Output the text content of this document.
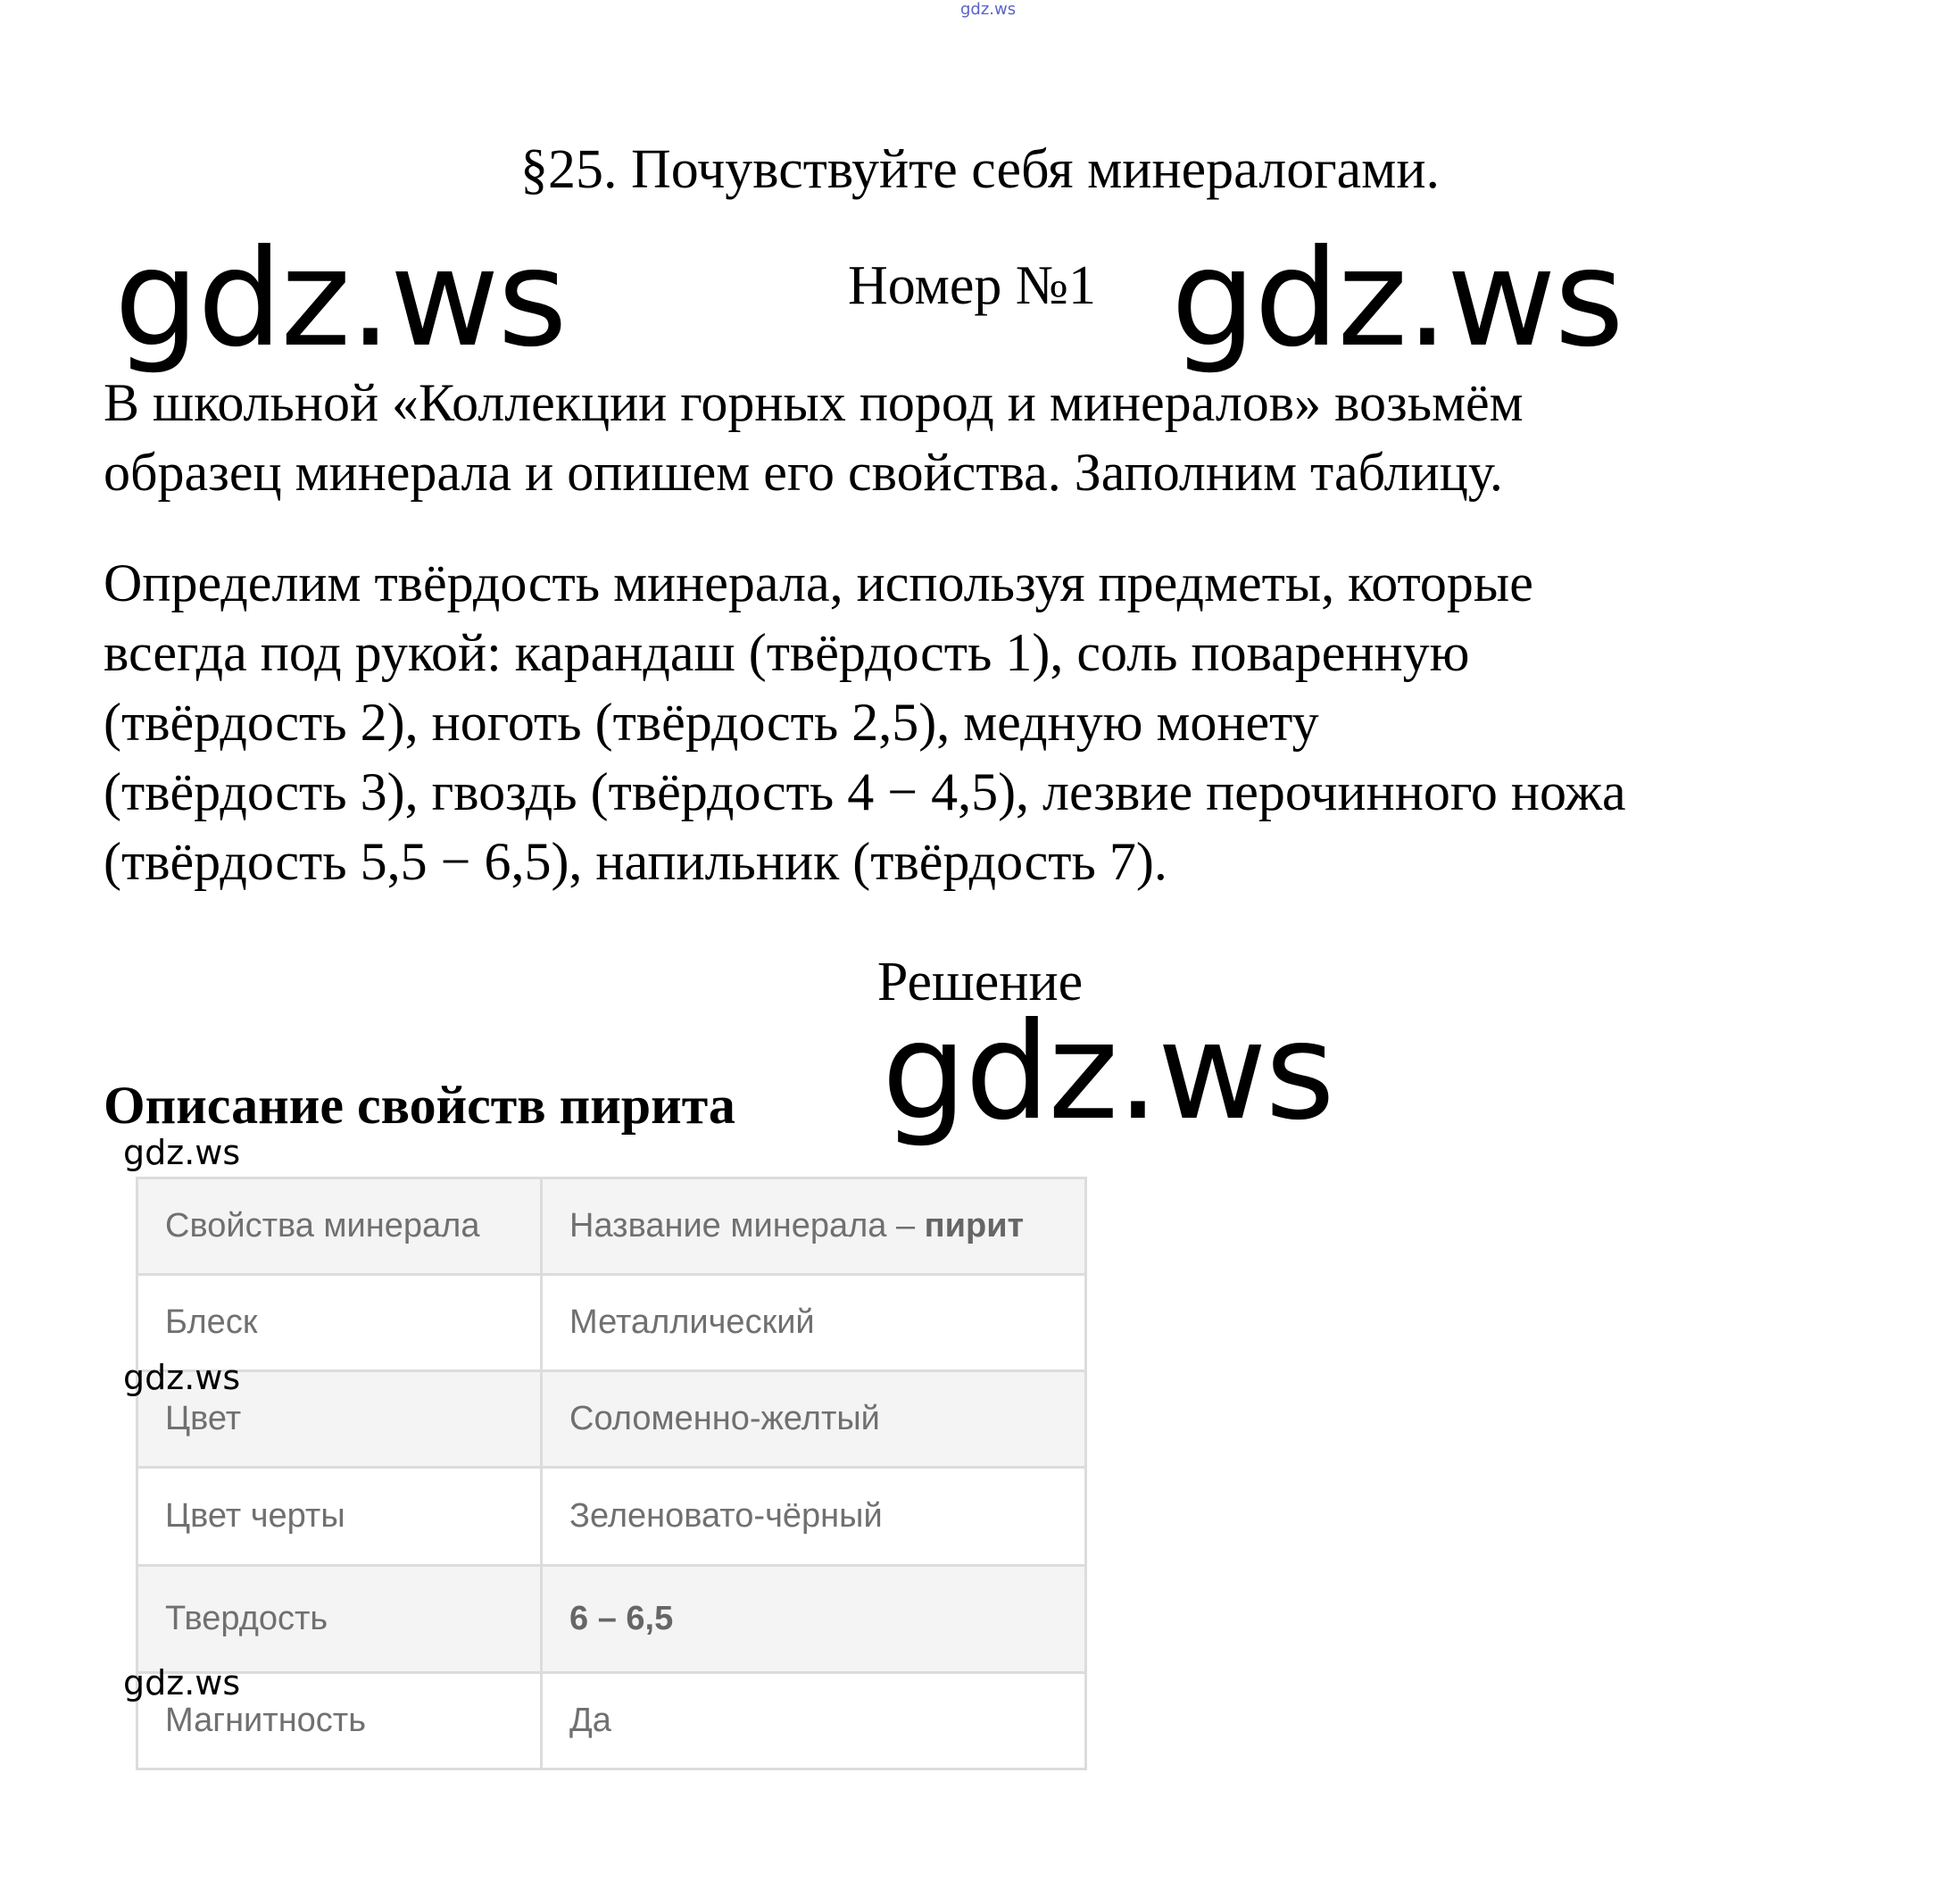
gdz.ws
§25. Почувствуйте себя минералогами.
gdz.ws	Номер №1 gdz.ws
В школьной «Коллекции горных пород и минералов» возьмём
образец минерала и опишем его свойства. Заполним таблицу.
Определим твёрдость минерала, используя предметы, которые
всегда под рукой: карандаш (твёрдость 1), соль поваренную
(твёрдость 2), ноготь (твёрдость 2,5), медную монету
(твёрдость 3), гвоздь (твёрдость 4 − 4,5), лезвие перочинного ножа
(твёрдость 5,5 − 6,5), напильник (твёрдость 7).
Решение
gdz.ws
Описание свойств пирита
Свойства минерала	Название минерала – пирит
Блеск	Металлический
Цвет	Соломенно-желтый
Цвет черты	Зеленовато-чёрный
Твердость	6 – 6,5
Магнитность	Да
gdz.ws
gdz.ws
gdz.ws
